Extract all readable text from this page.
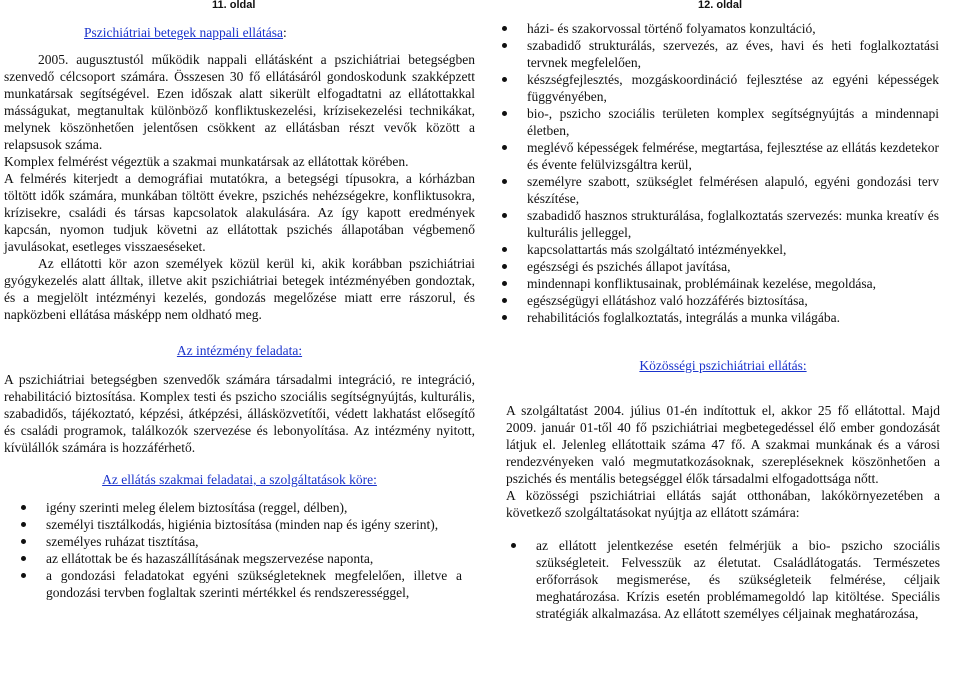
11. oldal
Pszichiátriai betegek nappali ellátása:

2005. augusztustól működik nappali ellátásként a pszichiátriai betegségben szenvedő célcsoport számára. Összesen 30 fő ellátásáról gondoskodunk szakképzett munkatársak segítségével. Ezen időszak alatt sikerült elfogadtatni az ellátottakkal másságukat, megtanultak különböző konfliktuskezelési, krízisekezelési technikákat, melynek köszönhetően jelentősen csökkent az ellátásban részt vevők között a relapsusok száma.

Komplex felmérést végeztük a szakmai munkatársak az ellátottak körében.

A felmérés kiterjedt a demográfiai mutatókra, a betegségi típusokra, a kórházban töltött idők számára, munkában töltött évekre, pszichés nehézségekre, konfliktusokra, krízisekre, családi és társas kapcsolatok alakulására. Az így kapott eredmények kapcsán, nyomon tudjuk követni az ellátottak pszichés állapotában végbemenő javulásokat, esetleges visszaeséseket.

Az ellátotti kör azon személyek közül kerül ki, akik korábban pszichiátriai gyógykezelés alatt álltak, illetve akit pszichiátriai betegek intézményében gondoztak, és a megjelölt intézményi kezelés, gondozás megelőzése miatt erre rászorul, és napközbeni ellátása másképp nem oldható meg.

Az intézmény feladata:

A pszichiátriai betegségben szenvedők számára társadalmi integráció, re integráció, rehabilitáció biztosítása. Komplex testi és pszicho szociális segítségnyújtás, kulturális, szabadidős, tájékoztató, képzési, átképzési, állásközvetítői, védett lakhatást elősegítő és családi programok, találkozók szervezése és lebonyolítása. Az intézmény nyitott, kívülállók számára is hozzáférhető.

Az ellátás szakmai feladatai, a szolgáltatások köre:
igény szerinti meleg élelem biztosítása (reggel, délben),
személyi tisztálkodás, higiénia biztosítása (minden nap és igény szerint),
személyes ruházat tisztítása,
az ellátottak be és hazaszállításának megszervezése naponta,
a gondozási feladatokat egyéni szükségleteknek megfelelően, illetve a gondozási tervben foglaltak szerinti mértékkel és rendszerességgel,
12. oldal
házi- és szakorvossal történő folyamatos konzultáció,
szabadidő strukturálás, szervezés, az éves, havi és heti foglalkoztatási tervnek megfelelően,
készségfejlesztés, mozgáskoordináció fejlesztése az egyéni képességek függvényében,
bio-, pszicho szociális területen komplex segítségnyújtás a mindennapi életben,
meglévő képességek felmérése, megtartása, fejlesztése az ellátás kezdetekor és évente felülvizsgáltra kerül,
személyre szabott, szükséglet felmérésen alapuló, egyéni gondozási terv készítése,
szabadidő hasznos strukturálása, foglalkoztatás szervezés: munka kreatív és kulturális jelleggel,
kapcsolattartás más szolgáltató intézményekkel,
egészségi és pszichés állapot javítása,
mindennapi konfliktusainak, problémáinak kezelése, megoldása,
egészségügyi ellátáshoz való hozzáférés biztosítása,
rehabilitációs foglalkoztatás, integrálás a munka világába.
Közösségi pszichiátriai ellátás:

A szolgáltatást 2004. július 01-én indítottuk el, akkor 25 fő ellátottal. Majd 2009. január 01-től 40 fő pszichiátriai megbetegedéssel élő ember gondozását látjuk el. Jelenleg ellátottaik száma 47 fő. A szakmai munkának és a városi rendezvényeken való megmutatkozásoknak, szerepléseknek köszönhetően a pszichés és mentális betegséggel élők társadalmi elfogadottsága nőtt.

A közösségi pszichiátriai ellátás saját otthonában, lakókörnyezetében a következő szolgáltatásokat nyújtja az ellátott számára:

az ellátott jelentkezése esetén felmérjük a bio- pszicho szociális szükségleteit. Felvesszük az életutat. Családlátogatás. Természetes erőforrások megismerése, és szükségleteik felmérése, céljaik meghatározása. Krízis esetén problémamegoldó lap kitöltése. Speciális stratégiák alkalmazása. Az ellátott személyes céljainak meghatározása,
